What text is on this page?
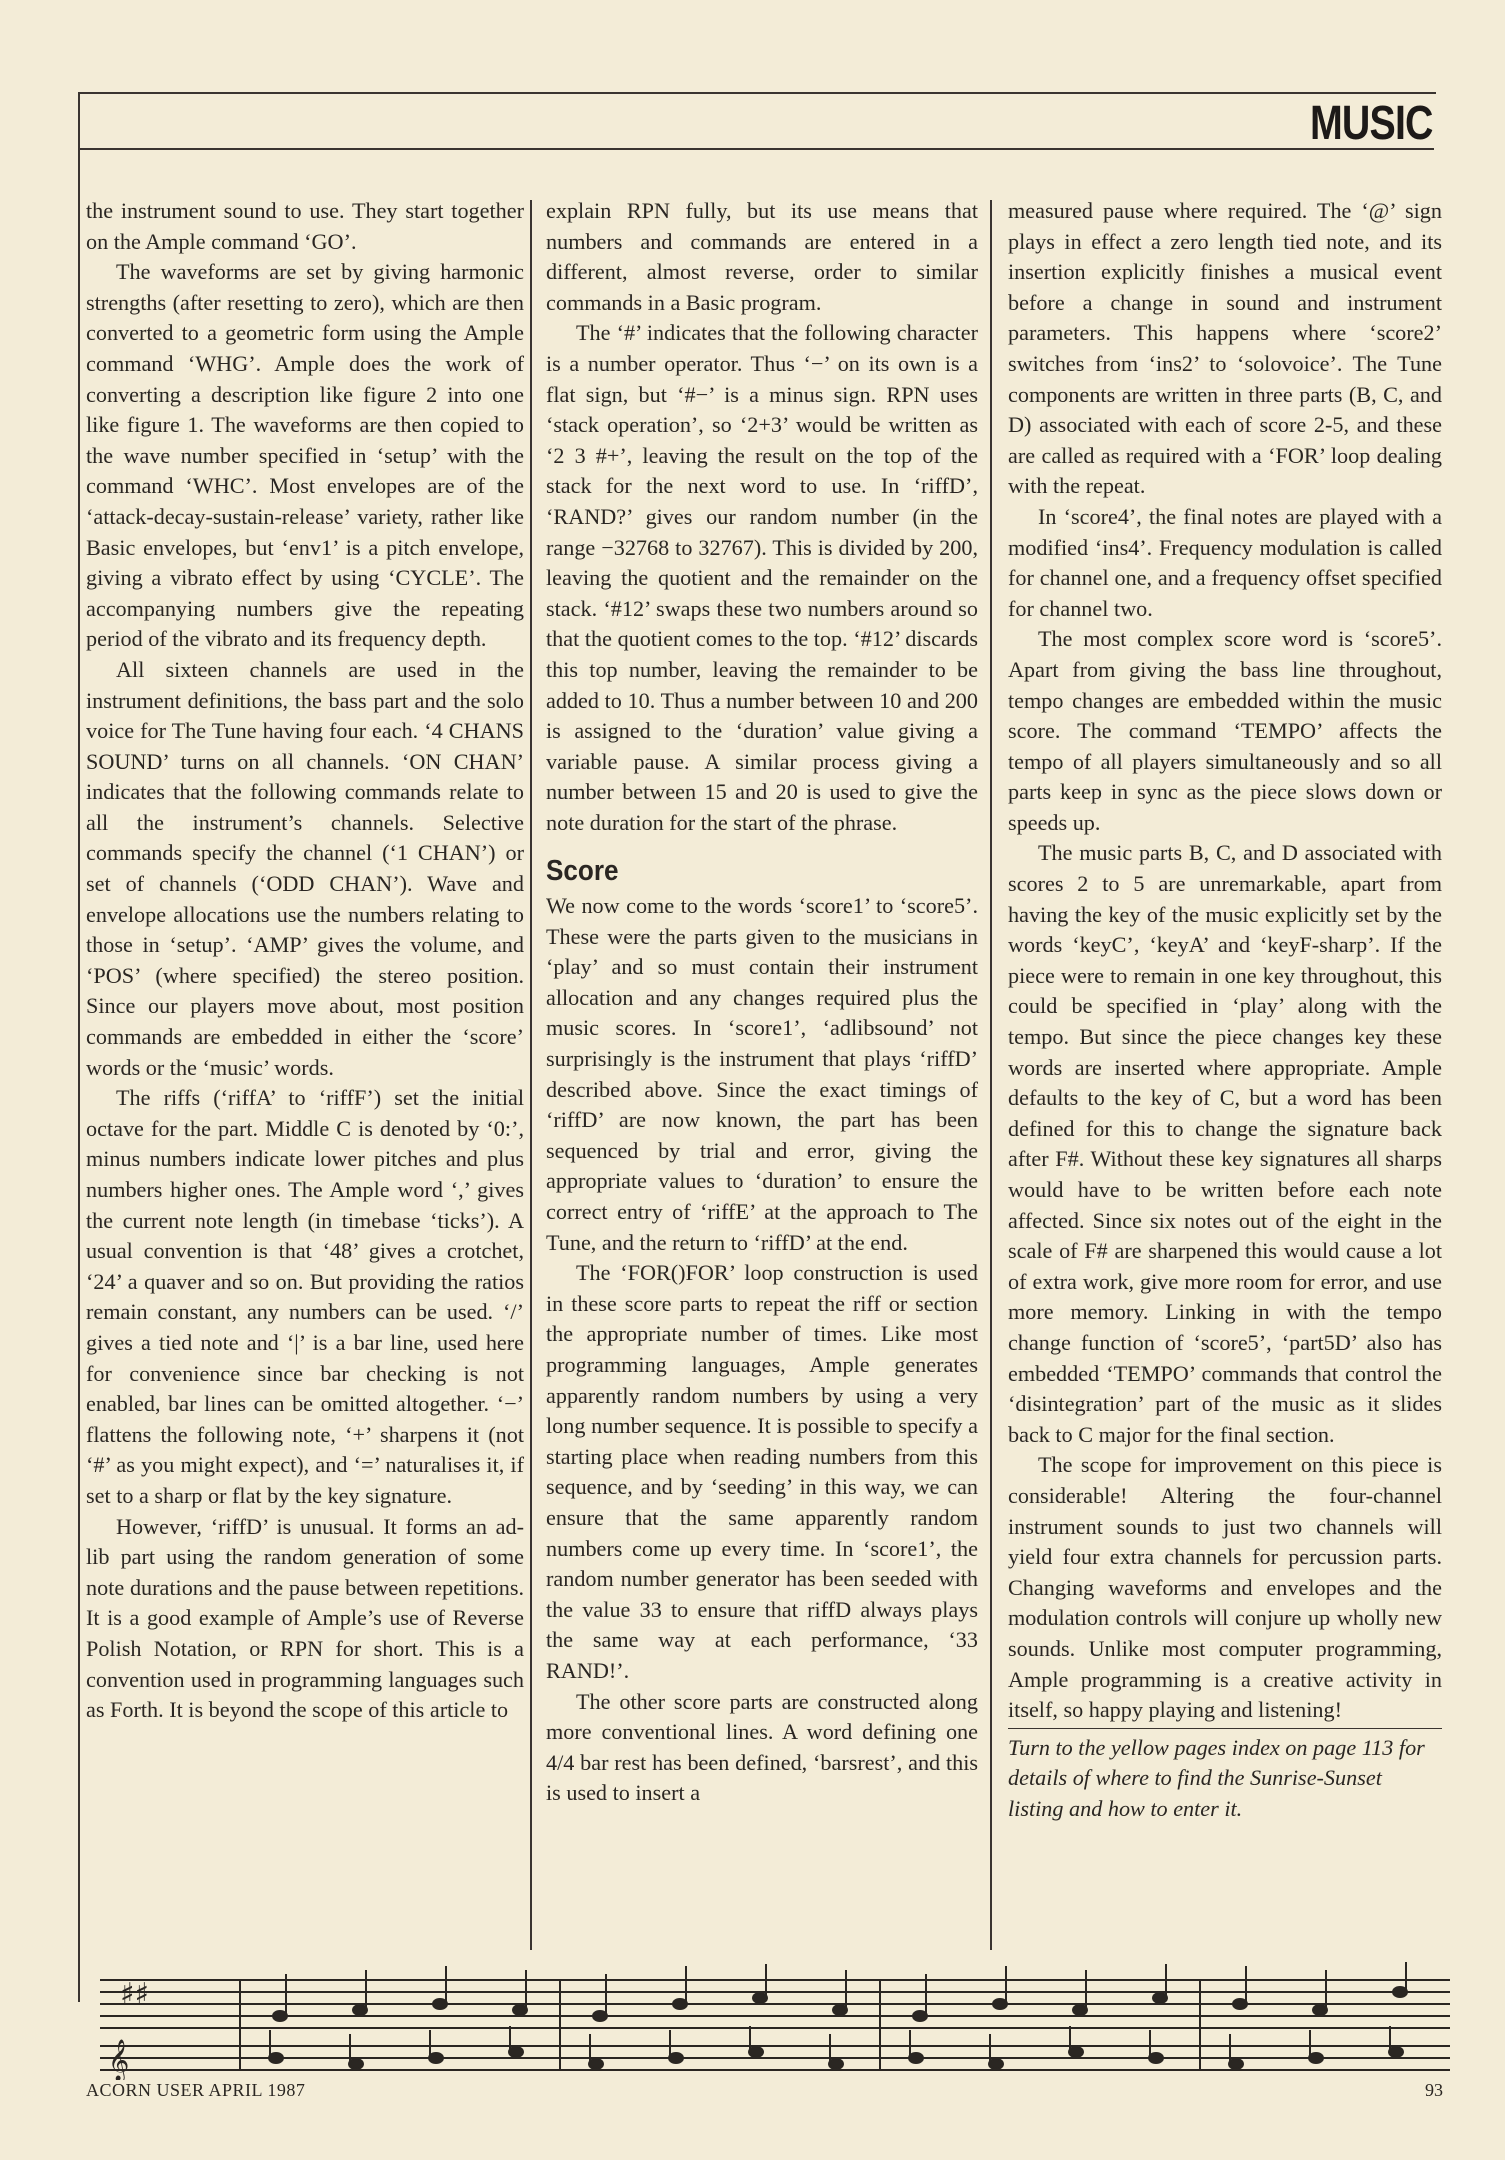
MUSIC

the instrument sound to use. They start together on the Ample command ‘GO’.

The waveforms are set by giving harmonic strengths (after resetting to zero), which are then converted to a geometric form using the Ample command ‘WHG’. Ample does the work of converting a description like figure 2 into one like figure 1. The waveforms are then copied to the wave number specified in ‘setup’ with the command ‘WHC’. Most envelopes are of the ‘attack-decay-sustain-release’ variety, rather like Basic envelopes, but ‘env1’ is a pitch envelope, giving a vibrato effect by using ‘CYCLE’. The accompanying numbers give the repeating period of the vibrato and its frequency depth.

All sixteen channels are used in the instrument definitions, the bass part and the solo voice for The Tune having four each. ‘4 CHANS SOUND’ turns on all channels. ‘ON CHAN’ indicates that the following commands relate to all the instrument’s channels. Selective commands specify the channel (‘1 CHAN’) or set of channels (‘ODD CHAN’). Wave and envelope allocations use the numbers relating to those in ‘setup’. ‘AMP’ gives the volume, and ‘POS’ (where specified) the stereo position. Since our players move about, most position commands are embedded in either the ‘score’ words or the ‘music’ words.

The riffs (‘riffA’ to ‘riffF’) set the initial octave for the part. Middle C is denoted by ‘0:’, minus numbers indicate lower pitches and plus numbers higher ones. The Ample word ‘,’ gives the current note length (in timebase ‘ticks’). A usual convention is that ‘48’ gives a crotchet, ‘24’ a quaver and so on. But providing the ratios remain constant, any numbers can be used. ‘/’ gives a tied note and ‘|’ is a bar line, used here for convenience since bar checking is not enabled, bar lines can be omitted altogether. ‘−’ flattens the following note, ‘+’ sharpens it (not ‘#’ as you might expect), and ‘=’ naturalises it, if set to a sharp or flat by the key signature.

However, ‘riffD’ is unusual. It forms an ad-lib part using the random generation of some note durations and the pause between repetitions. It is a good example of Ample’s use of Reverse Polish Notation, or RPN for short. This is a convention used in programming languages such as Forth. It is beyond the scope of this article to

explain RPN fully, but its use means that numbers and commands are entered in a different, almost reverse, order to similar commands in a Basic program.

The ‘#’ indicates that the following character is a number operator. Thus ‘−’ on its own is a flat sign, but ‘#−’ is a minus sign. RPN uses ‘stack operation’, so ‘2+3’ would be written as ‘2 3 #+’, leaving the result on the top of the stack for the next word to use. In ‘riffD’, ‘RAND?’ gives our random number (in the range −32768 to 32767). This is divided by 200, leaving the quotient and the remainder on the stack. ‘#12’ swaps these two numbers around so that the quotient comes to the top. ‘#12’ discards this top number, leaving the remainder to be added to 10. Thus a number between 10 and 200 is assigned to the ‘duration’ value giving a variable pause. A similar process giving a number between 15 and 20 is used to give the note duration for the start of the phrase.

Score

We now come to the words ‘score1’ to ‘score5’. These were the parts given to the musicians in ‘play’ and so must contain their instrument allocation and any changes required plus the music scores. In ‘score1’, ‘adlibsound’ not surprisingly is the instrument that plays ‘riffD’ described above. Since the exact timings of ‘riffD’ are now known, the part has been sequenced by trial and error, giving the appropriate values to ‘duration’ to ensure the correct entry of ‘riffE’ at the approach to The Tune, and the return to ‘riffD’ at the end.

The ‘FOR()FOR’ loop construction is used in these score parts to repeat the riff or section the appropriate number of times. Like most programming languages, Ample generates apparently random numbers by using a very long number sequence. It is possible to specify a starting place when reading numbers from this sequence, and by ‘seeding’ in this way, we can ensure that the same apparently random numbers come up every time. In ‘score1’, the random number generator has been seeded with the value 33 to ensure that riffD always plays the same way at each performance, ‘33 RAND!’.

The other score parts are constructed along more conventional lines. A word defining one 4/4 bar rest has been defined, ‘barsrest’, and this is used to insert a

measured pause where required. The ‘@’ sign plays in effect a zero length tied note, and its insertion explicitly finishes a musical event before a change in sound and instrument parameters. This happens where ‘score2’ switches from ‘ins2’ to ‘solovoice’. The Tune components are written in three parts (B, C, and D) associated with each of score 2-5, and these are called as required with a ‘FOR’ loop dealing with the repeat.

In ‘score4’, the final notes are played with a modified ‘ins4’. Frequency modulation is called for channel one, and a frequency offset specified for channel two.

The most complex score word is ‘score5’. Apart from giving the bass line throughout, tempo changes are embedded within the music score. The command ‘TEMPO’ affects the tempo of all players simultaneously and so all parts keep in sync as the piece slows down or speeds up.

The music parts B, C, and D associated with scores 2 to 5 are unremarkable, apart from having the key of the music explicitly set by the words ‘keyC’, ‘keyA’ and ‘keyF-sharp’. If the piece were to remain in one key throughout, this could be specified in ‘play’ along with the tempo. But since the piece changes key these words are inserted where appropriate. Ample defaults to the key of C, but a word has been defined for this to change the signature back after F#. Without these key signatures all sharps would have to be written before each note affected. Since six notes out of the eight in the scale of F# are sharpened this would cause a lot of extra work, give more room for error, and use more memory. Linking in with the tempo change function of ‘score5’, ‘part5D’ also has embedded ‘TEMPO’ commands that control the ‘disintegration’ part of the music as it slides back to C major for the final section.

The scope for improvement on this piece is considerable! Altering the four-channel instrument sounds to just two channels will yield four extra channels for percussion parts. Changing waveforms and envelopes and the modulation controls will conjure up wholly new sounds. Unlike most computer programming, Ample programming is a creative activity in itself, so happy playing and listening!

Turn to the yellow pages index on page 113 for details of where to find the Sunrise-Sunset listing and how to enter it.

♯♯
𝄞
ACORN USER APRIL 1987	93
